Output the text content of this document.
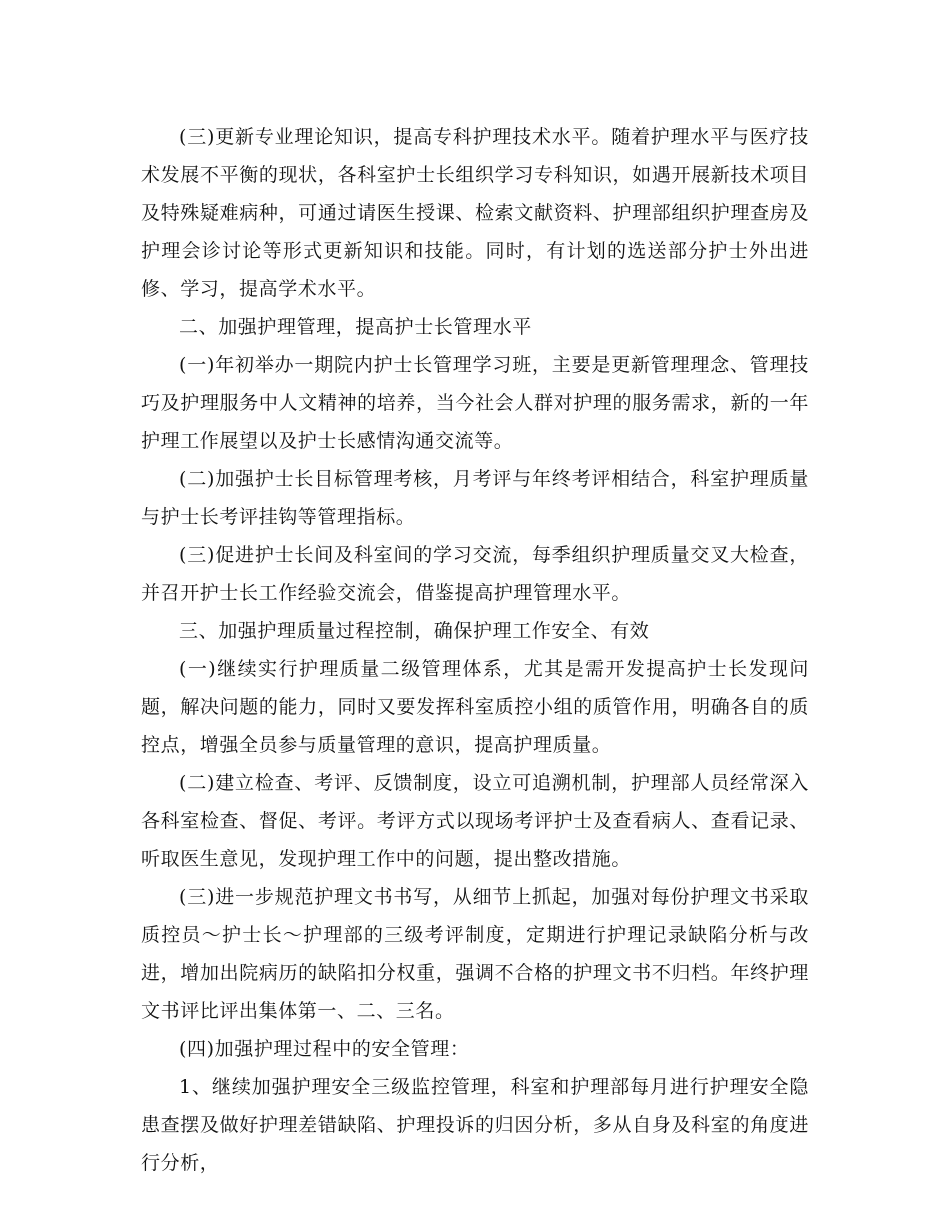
(三)更新专业理论知识，提高专科护理技术水平。随着护理水平与医疗技术发展不平衡的现状，各科室护士长组织学习专科知识，如遇开展新技术项目及特殊疑难病种，可通过请医生授课、检索文献资料、护理部组织护理查房及护理会诊讨论等形式更新知识和技能。同时，有计划的选送部分护士外出进修、学习，提高学术水平。

二、加强护理管理，提高护士长管理水平

(一)年初举办一期院内护士长管理学习班，主要是更新管理理念、管理技巧及护理服务中人文精神的培养，当今社会人群对护理的服务需求，新的一年护理工作展望以及护士长感情沟通交流等。

(二)加强护士长目标管理考核，月考评与年终考评相结合，科室护理质量与护士长考评挂钩等管理指标。

(三)促进护士长间及科室间的学习交流，每季组织护理质量交叉大检查，并召开护士长工作经验交流会，借鉴提高护理管理水平。

三、加强护理质量过程控制，确保护理工作安全、有效

(一)继续实行护理质量二级管理体系，尤其是需开发提高护士长发现问题，解决问题的能力，同时又要发挥科室质控小组的质管作用，明确各自的质控点，增强全员参与质量管理的意识，提高护理质量。

(二)建立检查、考评、反馈制度，设立可追溯机制，护理部人员经常深入各科室检查、督促、考评。考评方式以现场考评护士及查看病人、查看记录、听取医生意见，发现护理工作中的问题，提出整改措施。

(三)进一步规范护理文书书写，从细节上抓起，加强对每份护理文书采取质控员～护士长～护理部的三级考评制度，定期进行护理记录缺陷分析与改进，增加出院病历的缺陷扣分权重，强调不合格的护理文书不归档。年终护理文书评比评出集体第一、二、三名。

(四)加强护理过程中的安全管理：

1、继续加强护理安全三级监控管理，科室和护理部每月进行护理安全隐患查摆及做好护理差错缺陷、护理投诉的归因分析，多从自身及科室的角度进行分析，
